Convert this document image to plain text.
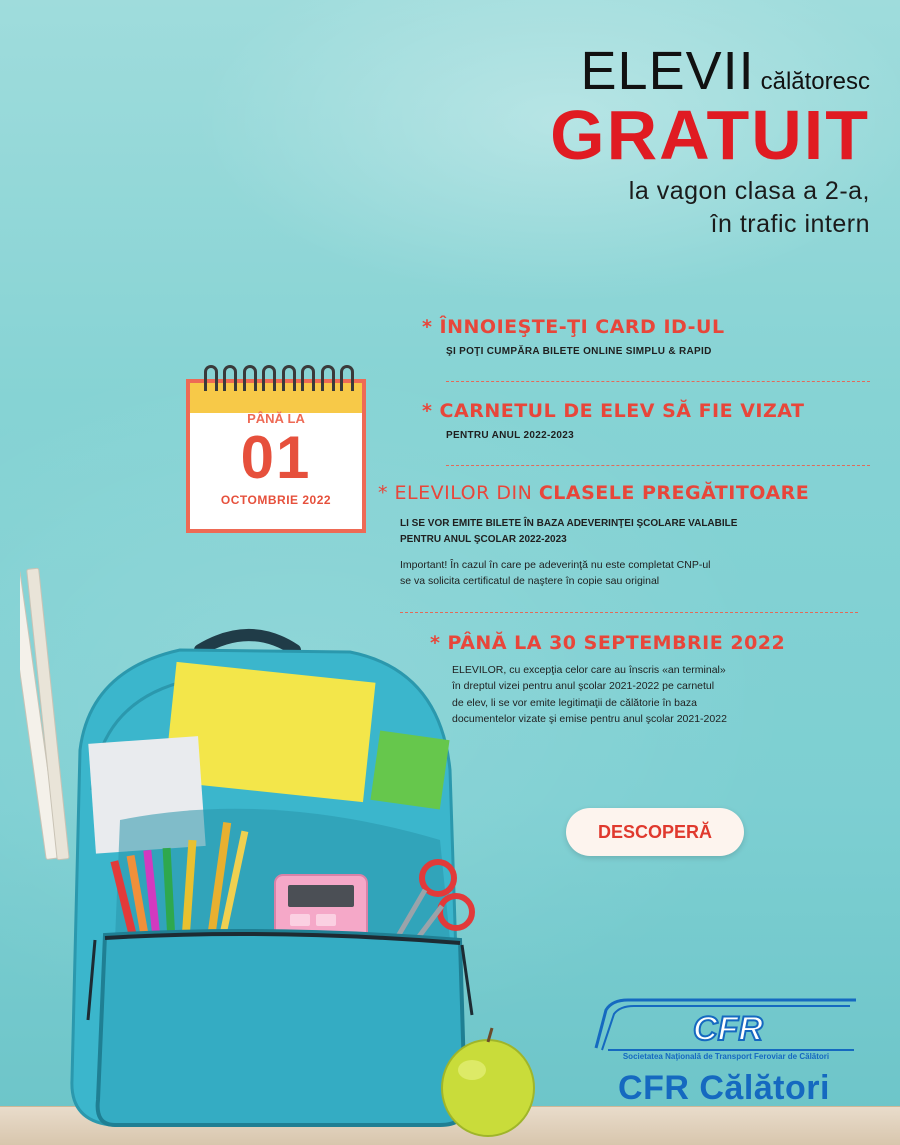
ELEVII călătoresc
GRATUIT
la vagon clasa a 2-a,
în trafic intern
PÂNĂ LA
01
OCTOMBRIE 2022
* ÎNNOIEŞTE-ŢI CARD ID-UL
ŞI POŢI CUMPĂRA BILETE ONLINE SIMPLU & RAPID
* CARNETUL DE ELEV SĂ FIE VIZAT
PENTRU ANUL 2022-2023
* ELEVILOR DIN CLASELE PREGĂTITOARE
LI SE VOR EMITE BILETE ÎN BAZA ADEVERINŢEI ŞCOLARE VALABILE
PENTRU ANUL ŞCOLAR 2022-2023
Important! În cazul în care pe adeverinţă nu este completat CNP-ul
se va solicita certificatul de naştere în copie sau original
* PÂNĂ LA 30 SEPTEMBRIE 2022
ELEVILOR, cu excepţia celor care au înscris «an terminal»
în dreptul vizei pentru anul şcolar 2021-2022 pe carnetul
de elev, li se vor emite legitimaţii de călătorie în baza
documentelor vizate şi emise pentru anul şcolar 2021-2022
DESCOPERĂ
CFR
Societatea Naţională de Transport Feroviar de Călători
CFR Călători
